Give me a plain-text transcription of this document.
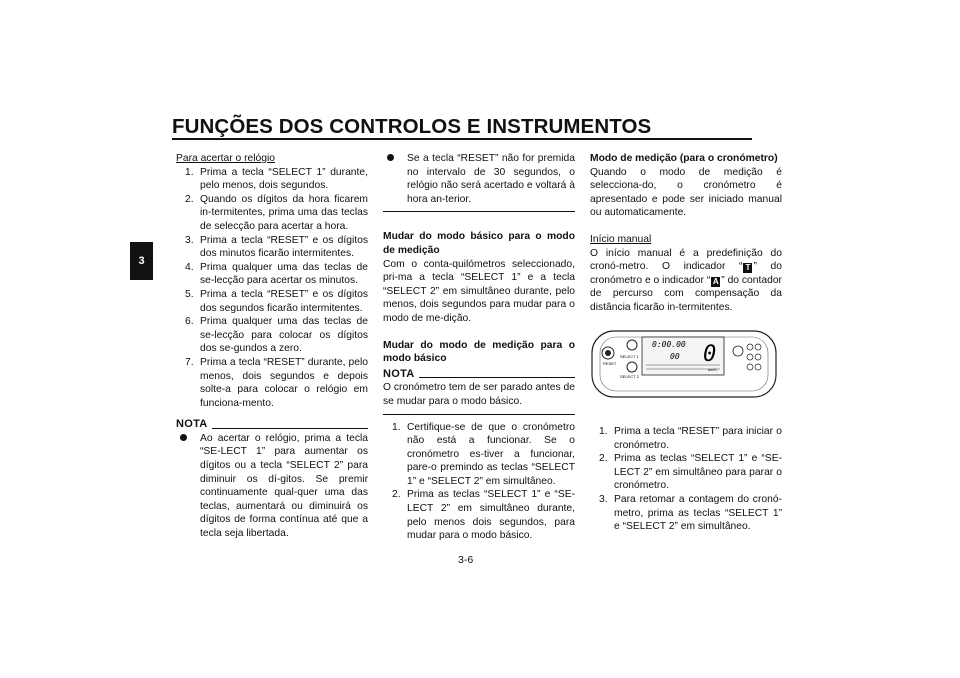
FUNÇÕES DOS CONTROLOS E INSTRUMENTOS
3
Para acertar o relógio
1. Prima a tecla “SELECT 1” durante, pelo menos, dois segundos.
2. Quando os dígitos da hora ficarem in-termitentes, prima uma das teclas de selecção para acertar a hora.
3. Prima a tecla “RESET” e os dígitos dos minutos ficarão intermitentes.
4. Prima qualquer uma das teclas de se-lecção para acertar os minutos.
5. Prima a tecla “RESET” e os dígitos dos segundos ficarão intermitentes.
6. Prima qualquer uma das teclas de se-lecção para colocar os dígitos dos se-gundos a zero.
7. Prima a tecla “RESET” durante, pelo menos, dois segundos e depois solte-a para colocar o relógio em funciona-mento.
NOTA
Ao acertar o relógio, prima a tecla “SE-LECT 1” para aumentar os dígitos ou a tecla “SELECT 2” para diminuir os dí-gitos. Se premir continuamente qual-quer uma das teclas, aumentará ou diminuirá os dígitos de forma contínua até que a tecla seja libertada.
Se a tecla “RESET” não for premida no intervalo de 30 segundos, o relógio não será acertado e voltará à hora an-terior.

Mudar do modo básico para o modo de medição

Com o conta-quilómetros seleccionado, pri-ma a tecla “SELECT 1” e a tecla “SELECT 2” em simultâneo durante, pelo menos, dois segundos para mudar para o modo de me-dição.

Mudar do modo de medição para o modo básico

NOTA

O cronómetro tem de ser parado antes de se mudar para o modo básico.

1. Certifique-se de que o cronómetro não está a funcionar. Se o cronómetro es-tiver a funcionar, pare-o premindo as teclas “SELECT 1” e “SELECT 2” em simultâneo.
2. Prima as teclas “SELECT 1” e “SE-LECT 2” em simultâneo durante, pelo menos dois segundos, para mudar para o modo básico.

Modo de medição (para o cronómetro)

Quando o modo de medição é selecciona-do, o cronómetro é apresentado e pode ser iniciado manual ou automaticamente.

Início manual

O início manual é a predefinição do cronó-metro. O indicador “ T ” do cronómetro e o indicador “ A ” do contador de percurso com compensação da distância ficarão in-termitentes.

SELECT 1
RESET
SELECT 2
0:00.00
00 0
km/h
1. Prima a tecla “RESET” para iniciar o cronómetro.
2. Prima as teclas “SELECT 1” e “SE-LECT 2” em simultâneo para parar o cronómetro.
3. Para retomar a contagem do cronó-metro, prima as teclas “SELECT 1” e “SELECT 2” em simultâneo.
3-6
